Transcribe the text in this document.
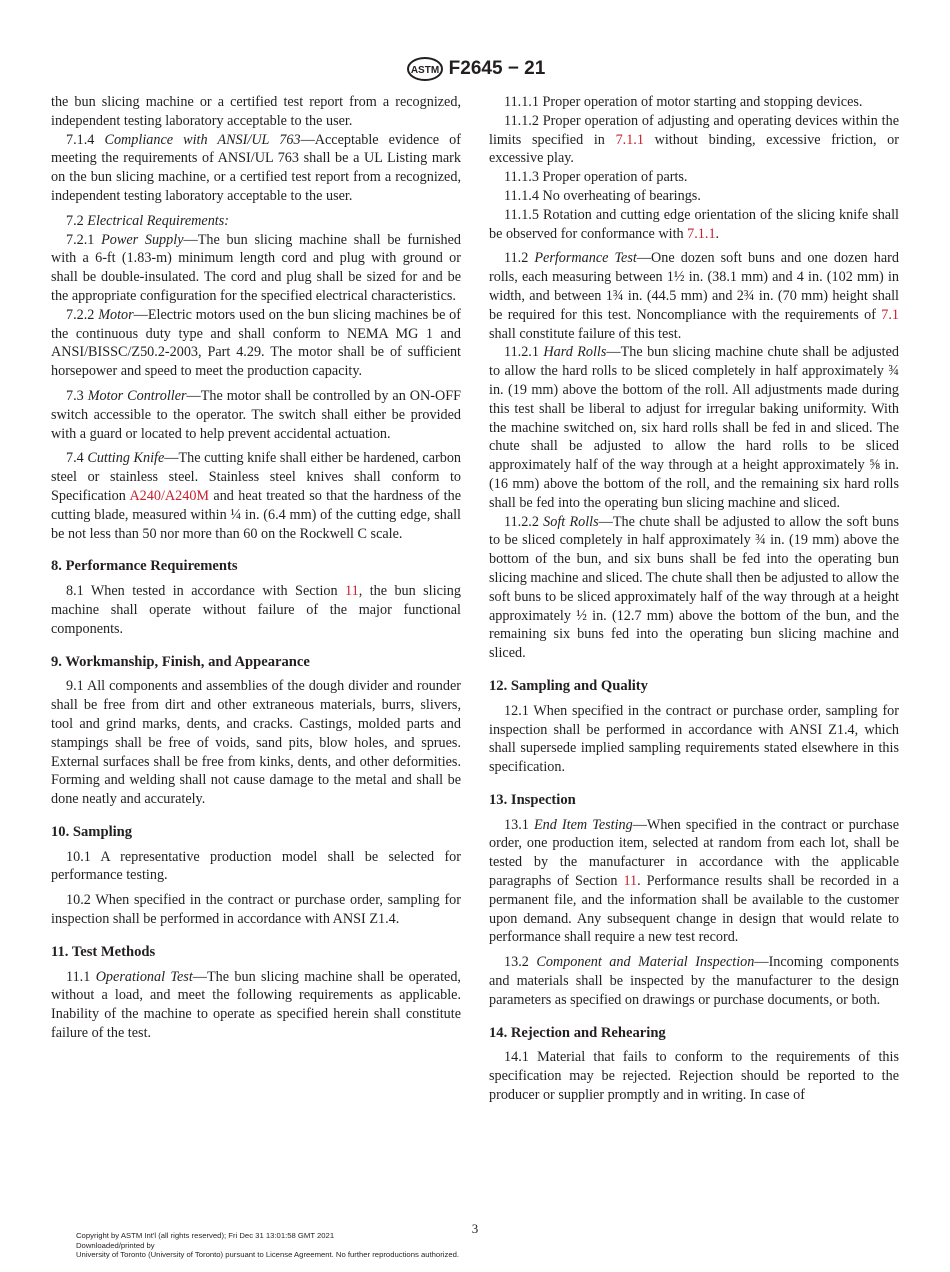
ASTM F2645 − 21

the bun slicing machine or a certified test report from a recognized, independent testing laboratory acceptable to the user.

7.1.4 Compliance with ANSI/UL 763—Acceptable evidence of meeting the requirements of ANSI/UL 763 shall be a UL Listing mark on the bun slicing machine, or a certified test report from a recognized, independent testing laboratory acceptable to the user.

7.2 Electrical Requirements:

7.2.1 Power Supply—The bun slicing machine shall be furnished with a 6-ft (1.83-m) minimum length cord and plug with ground or shall be double-insulated. The cord and plug shall be sized for and be the appropriate configuration for the specified electrical characteristics.

7.2.2 Motor—Electric motors used on the bun slicing machines be of the continuous duty type and shall conform to NEMA MG 1 and ANSI/BISSC/Z50.2-2003, Part 4.29. The motor shall be of sufficient horsepower and speed to meet the production capacity.

7.3 Motor Controller—The motor shall be controlled by an ON-OFF switch accessible to the operator. The switch shall either be provided with a guard or located to help prevent accidental actuation.

7.4 Cutting Knife—The cutting knife shall either be hardened, carbon steel or stainless steel. Stainless steel knives shall conform to Specification A240/A240M and heat treated so that the hardness of the cutting blade, measured within ¼ in. (6.4 mm) of the cutting edge, shall be not less than 50 nor more than 60 on the Rockwell C scale.

8. Performance Requirements

8.1 When tested in accordance with Section 11, the bun slicing machine shall operate without failure of the major functional components.

9. Workmanship, Finish, and Appearance

9.1 All components and assemblies of the dough divider and rounder shall be free from dirt and other extraneous materials, burrs, slivers, tool and grind marks, dents, and cracks. Castings, molded parts and stampings shall be free of voids, sand pits, blow holes, and sprues. External surfaces shall be free from kinks, dents, and other deformities. Forming and welding shall not cause damage to the metal and shall be done neatly and accurately.

10. Sampling

10.1 A representative production model shall be selected for performance testing.

10.2 When specified in the contract or purchase order, sampling for inspection shall be performed in accordance with ANSI Z1.4.

11. Test Methods

11.1 Operational Test—The bun slicing machine shall be operated, without a load, and meet the following requirements as applicable. Inability of the machine to operate as specified herein shall constitute failure of the test.

11.1.1 Proper operation of motor starting and stopping devices.

11.1.2 Proper operation of adjusting and operating devices within the limits specified in 7.1.1 without binding, excessive friction, or excessive play.

11.1.3 Proper operation of parts.

11.1.4 No overheating of bearings.

11.1.5 Rotation and cutting edge orientation of the slicing knife shall be observed for conformance with 7.1.1.

11.2 Performance Test—One dozen soft buns and one dozen hard rolls, each measuring between 1½ in. (38.1 mm) and 4 in. (102 mm) in width, and between 1¾ in. (44.5 mm) and 2¾ in. (70 mm) height shall be required for this test. Noncompliance with the requirements of 7.1 shall constitute failure of this test.

11.2.1 Hard Rolls—The bun slicing machine chute shall be adjusted to allow the hard rolls to be sliced completely in half approximately ¾ in. (19 mm) above the bottom of the roll. All adjustments made during this test shall be liberal to adjust for irregular baking uniformity. With the machine switched on, six hard rolls shall be fed in and sliced. The chute shall be adjusted to allow the hard rolls to be sliced approximately half of the way through at a height approximately ⅝ in. (16 mm) above the bottom of the roll, and the remaining six hard rolls shall be fed into the operating bun slicing machine and sliced.

11.2.2 Soft Rolls—The chute shall be adjusted to allow the soft buns to be sliced completely in half approximately ¾ in. (19 mm) above the bottom of the bun, and six buns shall be fed into the operating bun slicing machine and sliced. The chute shall then be adjusted to allow the soft buns to be sliced approximately half of the way through at a height approximately ½ in. (12.7 mm) above the bottom of the bun, and the remaining six buns fed into the operating bun slicing machine and sliced.

12. Sampling and Quality

12.1 When specified in the contract or purchase order, sampling for inspection shall be performed in accordance with ANSI Z1.4, which shall supersede implied sampling requirements stated elsewhere in this specification.

13. Inspection

13.1 End Item Testing—When specified in the contract or purchase order, one production item, selected at random from each lot, shall be tested by the manufacturer in accordance with the applicable paragraphs of Section 11. Performance results shall be recorded in a permanent file, and the information shall be available to the customer upon demand. Any subsequent change in design that would relate to performance shall require a new test record.

13.2 Component and Material Inspection—Incoming components and materials shall be inspected by the manufacturer to the design parameters as specified on drawings or purchase documents, or both.

14. Rejection and Rehearing

14.1 Material that fails to conform to the requirements of this specification may be rejected. Rejection should be reported to the producer or supplier promptly and in writing. In case of

3
Copyright by ASTM Int'l (all rights reserved); Fri Dec 31 13:01:58 GMT 2021
Downloaded/printed by
University of Toronto (University of Toronto) pursuant to License Agreement. No further reproductions authorized.
